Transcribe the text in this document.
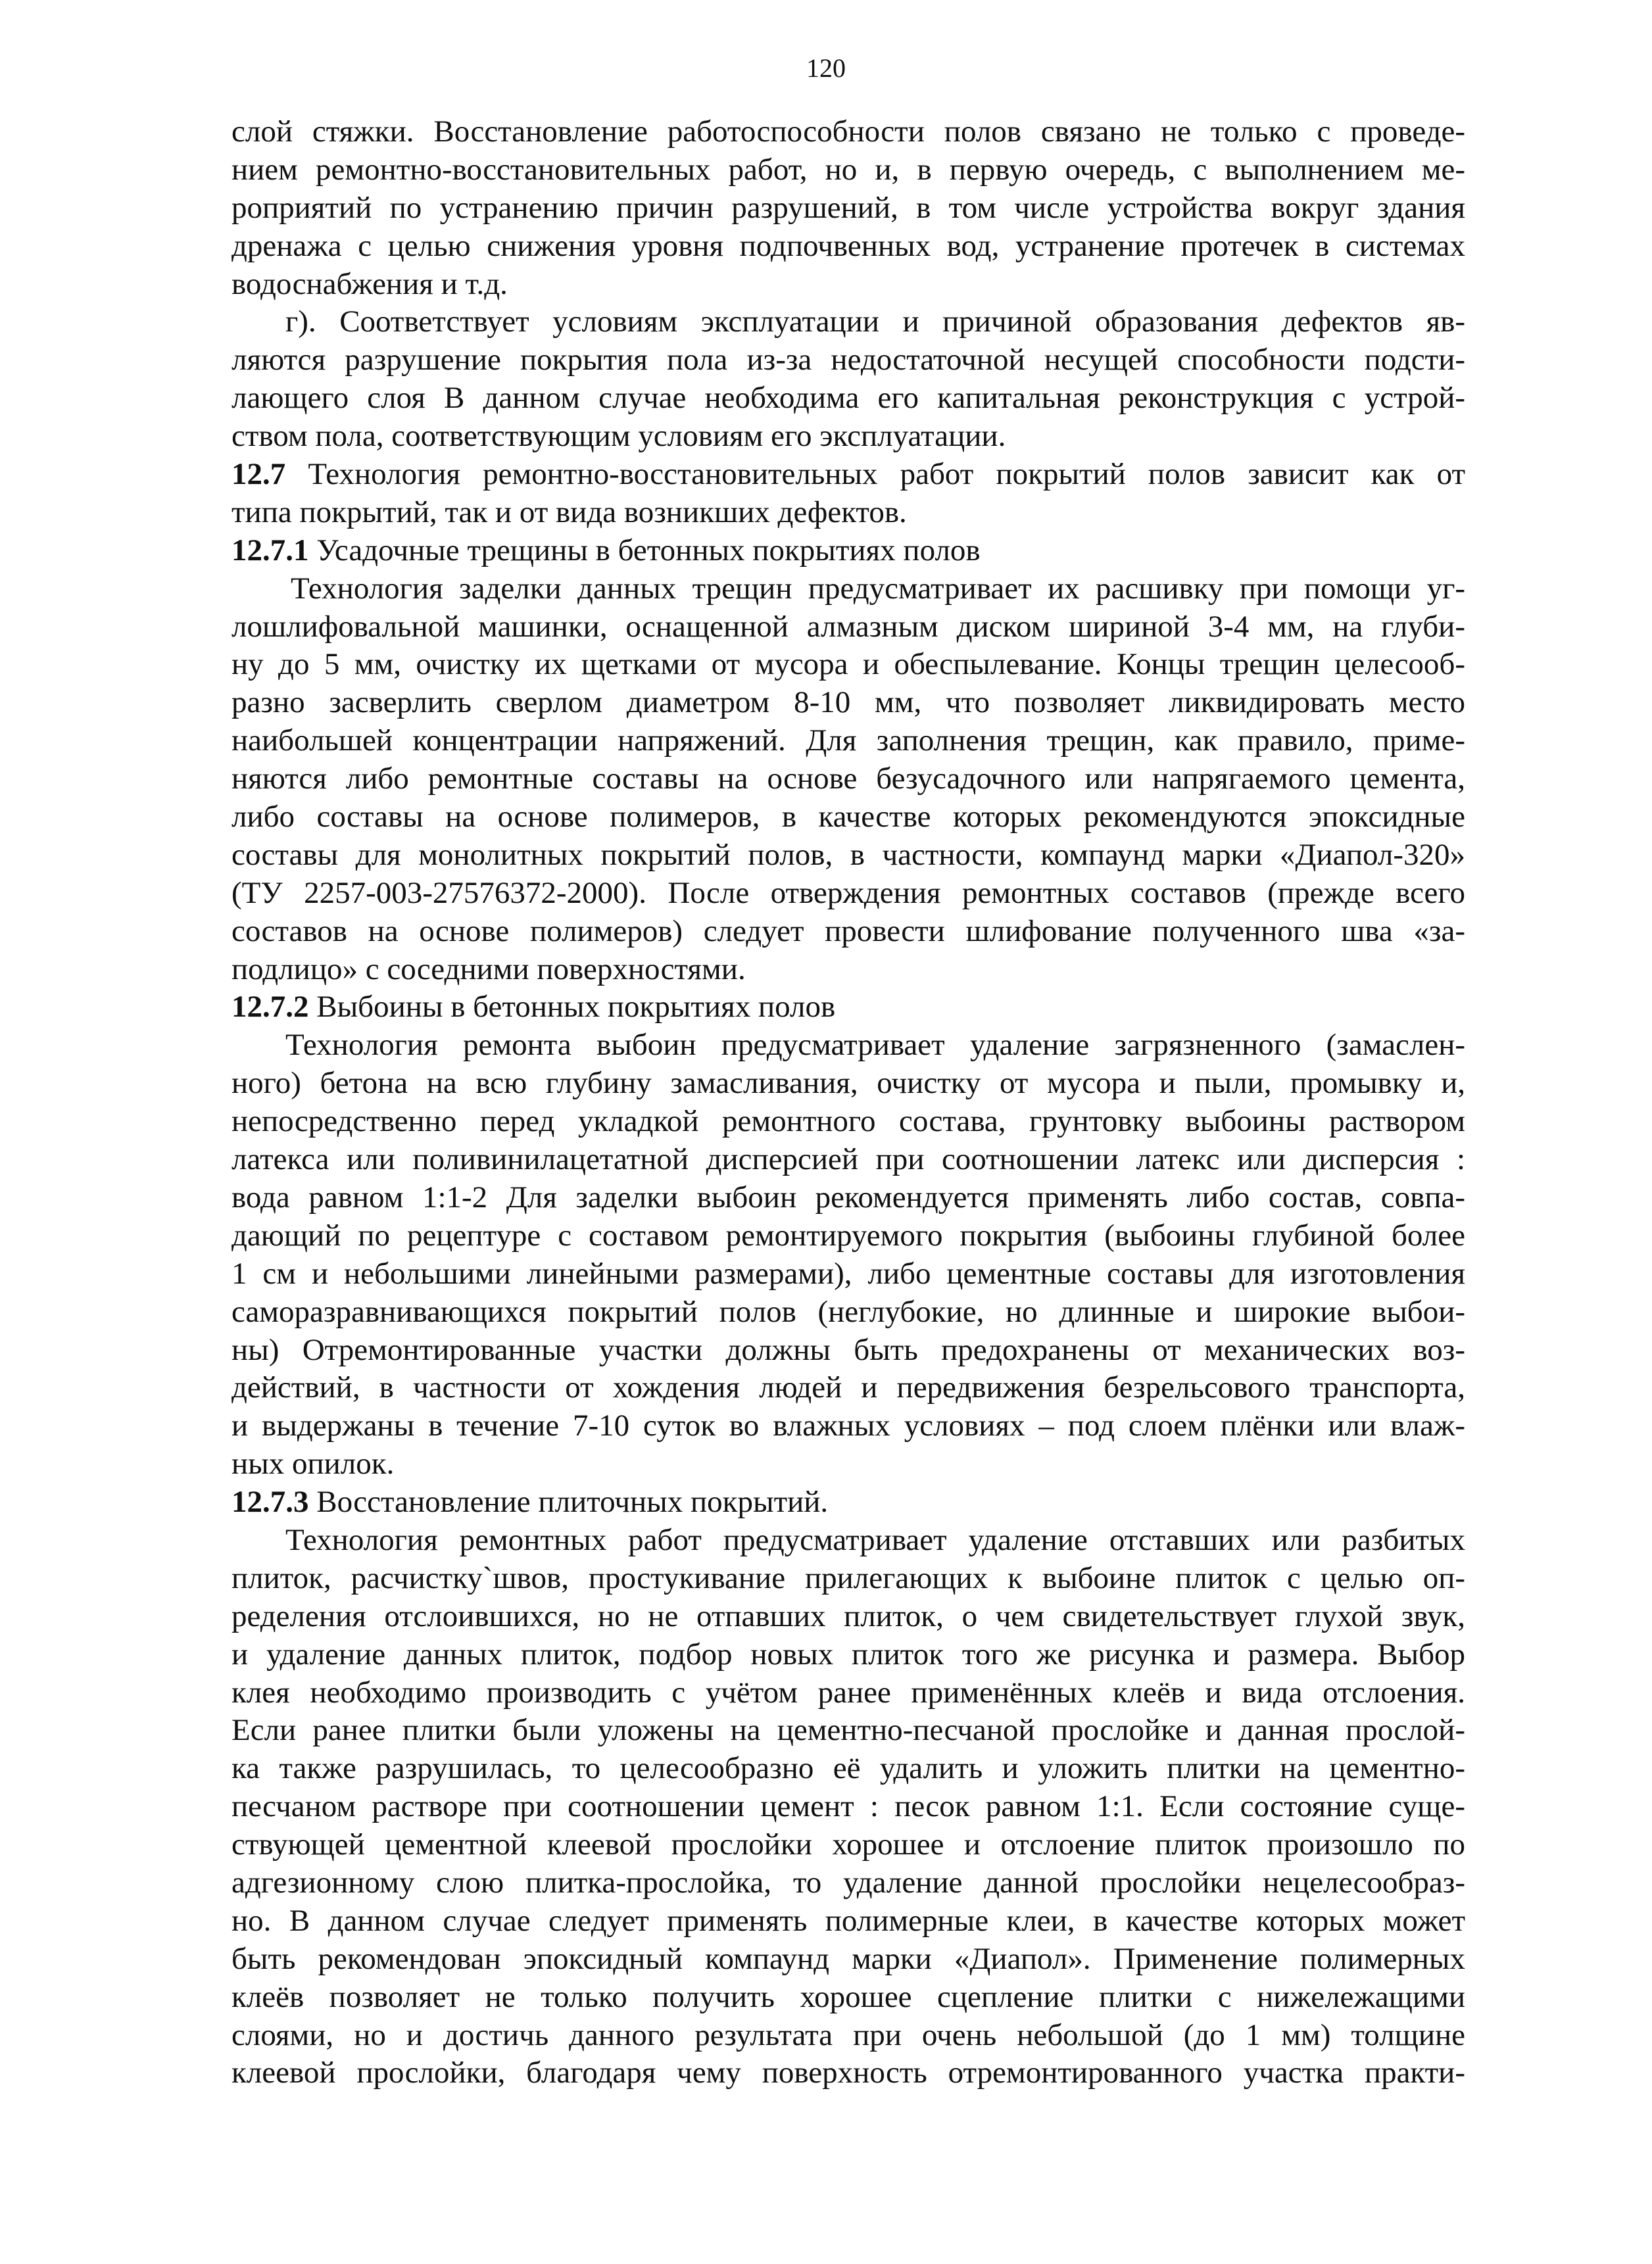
120
слой стяжки. Восстановление работоспособности полов связано не только с проведе-
нием ремонтно-восстановительных работ, но и, в первую очередь, с выполнением ме-
роприятий по устранению причин разрушений, в том числе устройства вокруг здания
дренажа с целью снижения уровня подпочвенных вод, устранение протечек в системах
водоснабжения и т.д.
г). Соответствует условиям эксплуатации и причиной образования дефектов яв-
ляются разрушение покрытия пола из-за недостаточной несущей способности подсти-
лающего слоя В данном случае необходима его капитальная реконструкция с устрой-
ством пола, соответствующим условиям его эксплуатации.
12.7 Технология ремонтно-восстановительных работ покрытий полов зависит как от
типа покрытий, так и от вида возникших дефектов.
12.7.1 Усадочные трещины в бетонных покрытиях полов
Технология заделки данных трещин предусматривает их расшивку при помощи уг-
лошлифовальной машинки, оснащенной алмазным диском шириной 3-4 мм, на глуби-
ну до 5 мм, очистку их щетками от мусора и обеспылевание. Концы трещин целесооб-
разно засверлить сверлом диаметром 8-10 мм, что позволяет ликвидировать место
наибольшей концентрации напряжений. Для заполнения трещин, как правило, приме-
няются либо ремонтные составы на основе безусадочного или напрягаемого цемента,
либо составы на основе полимеров, в качестве которых рекомендуются эпоксидные
составы для монолитных покрытий полов, в частности, компаунд марки «Диапол-320»
(ТУ 2257-003-27576372-2000). После отверждения ремонтных составов (прежде всего
составов на основе полимеров) следует провести шлифование полученного шва «за-
подлицо» с соседними поверхностями.
12.7.2 Выбоины в бетонных покрытиях полов
Технология ремонта выбоин предусматривает удаление загрязненного (замаслен-
ного) бетона на всю глубину замасливания, очистку от мусора и пыли, промывку и,
непосредственно перед укладкой ремонтного состава, грунтовку выбоины раствором
латекса или поливинилацетатной дисперсией при соотношении латекс или дисперсия :
вода равном 1:1-2 Для заделки выбоин рекомендуется применять либо состав, совпа-
дающий по рецептуре с составом ремонтируемого покрытия (выбоины глубиной более
1 см и небольшими линейными размерами), либо цементные составы для изготовления
саморазравнивающихся покрытий полов (неглубокие, но длинные и широкие выбои-
ны) Отремонтированные участки должны быть предохранены от механических воз-
действий, в частности от хождения людей и передвижения безрельсового транспорта,
и выдержаны в течение 7-10 суток во влажных условиях – под слоем плёнки или влаж-
ных опилок.
12.7.3 Восстановление плиточных покрытий.
Технология ремонтных работ предусматривает удаление отставших или разбитых
плиток, расчистку`швов, простукивание прилегающих к выбоине плиток с целью оп-
ределения отслоившихся, но не отпавших плиток, о чем свидетельствует глухой звук,
и удаление данных плиток, подбор новых плиток того же рисунка и размера. Выбор
клея необходимо производить с учётом ранее применённых клеёв и вида отслоения.
Если ранее плитки были уложены на цементно-песчаной прослойке и данная прослой-
ка также разрушилась, то целесообразно её удалить и уложить плитки на цементно-
песчаном растворе при соотношении цемент : песок равном 1:1. Если состояние суще-
ствующей цементной клеевой прослойки хорошее и отслоение плиток произошло по
адгезионному слою плитка-прослойка, то удаление данной прослойки нецелесообраз-
но. В данном случае следует применять полимерные клеи, в качестве которых может
быть рекомендован эпоксидный компаунд марки «Диапол». Применение полимерных
клеёв позволяет не только получить хорошее сцепление плитки с нижележащими
слоями, но и достичь данного результата при очень небольшой (до 1 мм) толщине
клеевой прослойки, благодаря чему поверхность отремонтированного участка практи-
